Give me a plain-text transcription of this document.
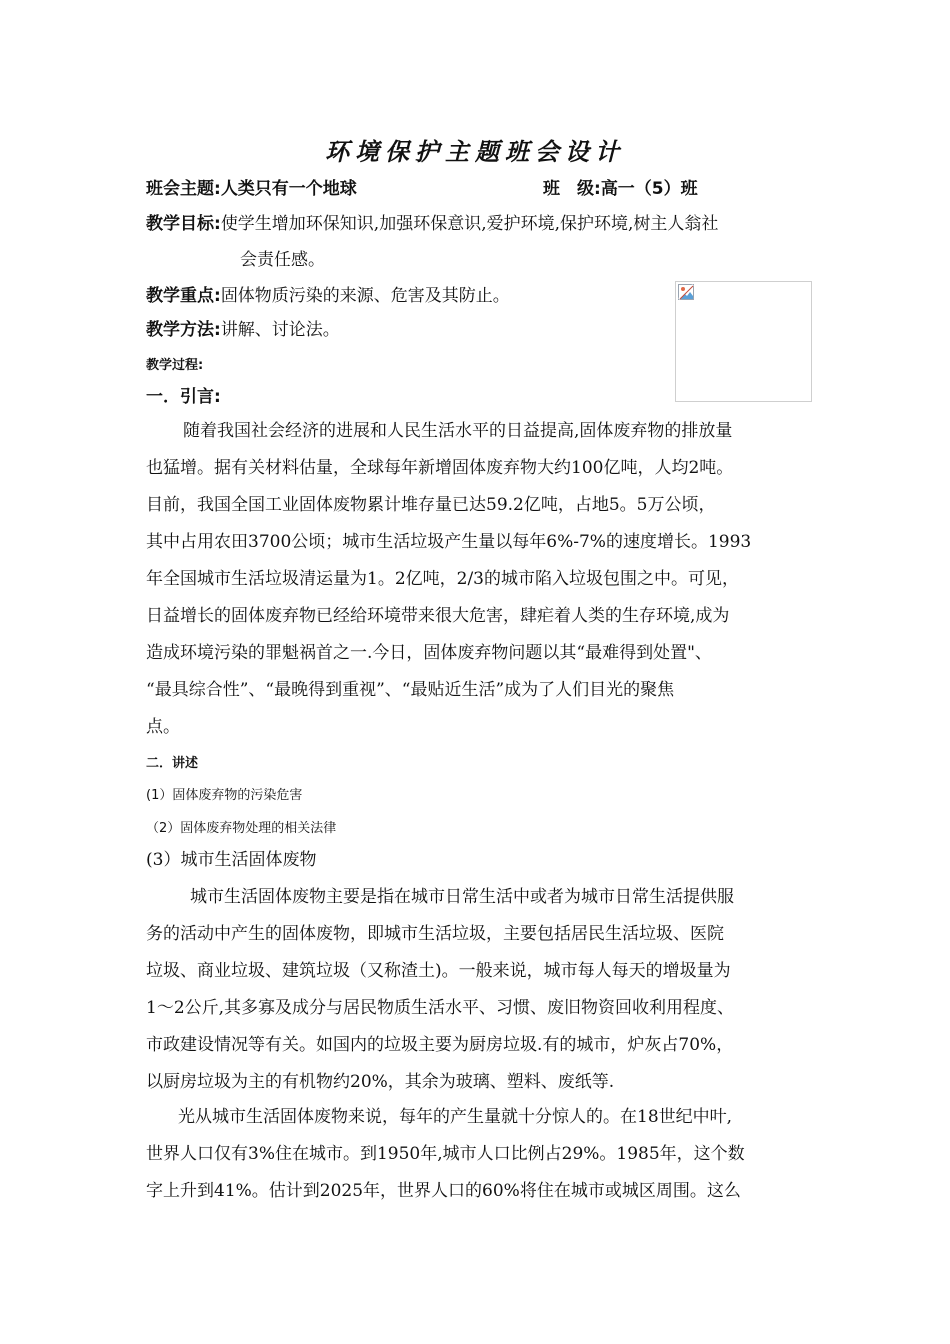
环境保护主题班会设计
班会主题:人类只有一个地球	班　级:高一（5）班
教学目标:使学生增加环保知识,加强环保意识,爱护环境,保护环境,树主人翁社
会责任感。
教学重点:固体物质污染的来源、危害及其防止。
教学方法:讲解、讨论法。
教学过程:
一．引言:
随着我国社会经济的进展和人民生活水平的日益提高,固体废弃物的排放量
也猛增。据有关材料估量，全球每年新增固体废弃物大约100亿吨，人均2吨。
目前，我国全国工业固体废物累计堆存量已达59.2亿吨，占地5。5万公顷，
其中占用农田3700公顷；城市生活垃圾产生量以每年6%-7%的速度增长。1993
年全国城市生活垃圾清运量为1。2亿吨，2/3的城市陷入垃圾包围之中。可见，
日益增长的固体废弃物已经给环境带来很大危害，肆疟着人类的生存环境,成为
造成环境污染的罪魁祸首之一.今日，固体废弃物问题以其“最难得到处置"、
“最具综合性”、“最晚得到重视”、“最贴近生活”成为了人们目光的聚焦
点。
二．讲述
(1）固体废弃物的污染危害
（2）固体废弃物处理的相关法律
(3）城市生活固体废物
城市生活固体废物主要是指在城市日常生活中或者为城市日常生活提供服
务的活动中产生的固体废物，即城市生活垃圾，主要包括居民生活垃圾、医院
垃圾、商业垃圾、建筑垃圾（又称渣土)。一般来说，城市每人每天的增圾量为
1～2公斤,其多寡及成分与居民物质生活水平、习惯、废旧物资回收利用程度、
市政建设情况等有关。如国内的垃圾主要为厨房垃圾.有的城市，炉灰占70%，
以厨房垃圾为主的有机物约20%，其余为玻璃、塑料、废纸等.
光从城市生活固体废物来说，每年的产生量就十分惊人的。在18世纪中叶,
世界人口仅有3%住在城市。到1950年,城市人口比例占29%。1985年，这个数
字上升到41%。估计到2025年，世界人口的60%将住在城市或城区周围。这么
